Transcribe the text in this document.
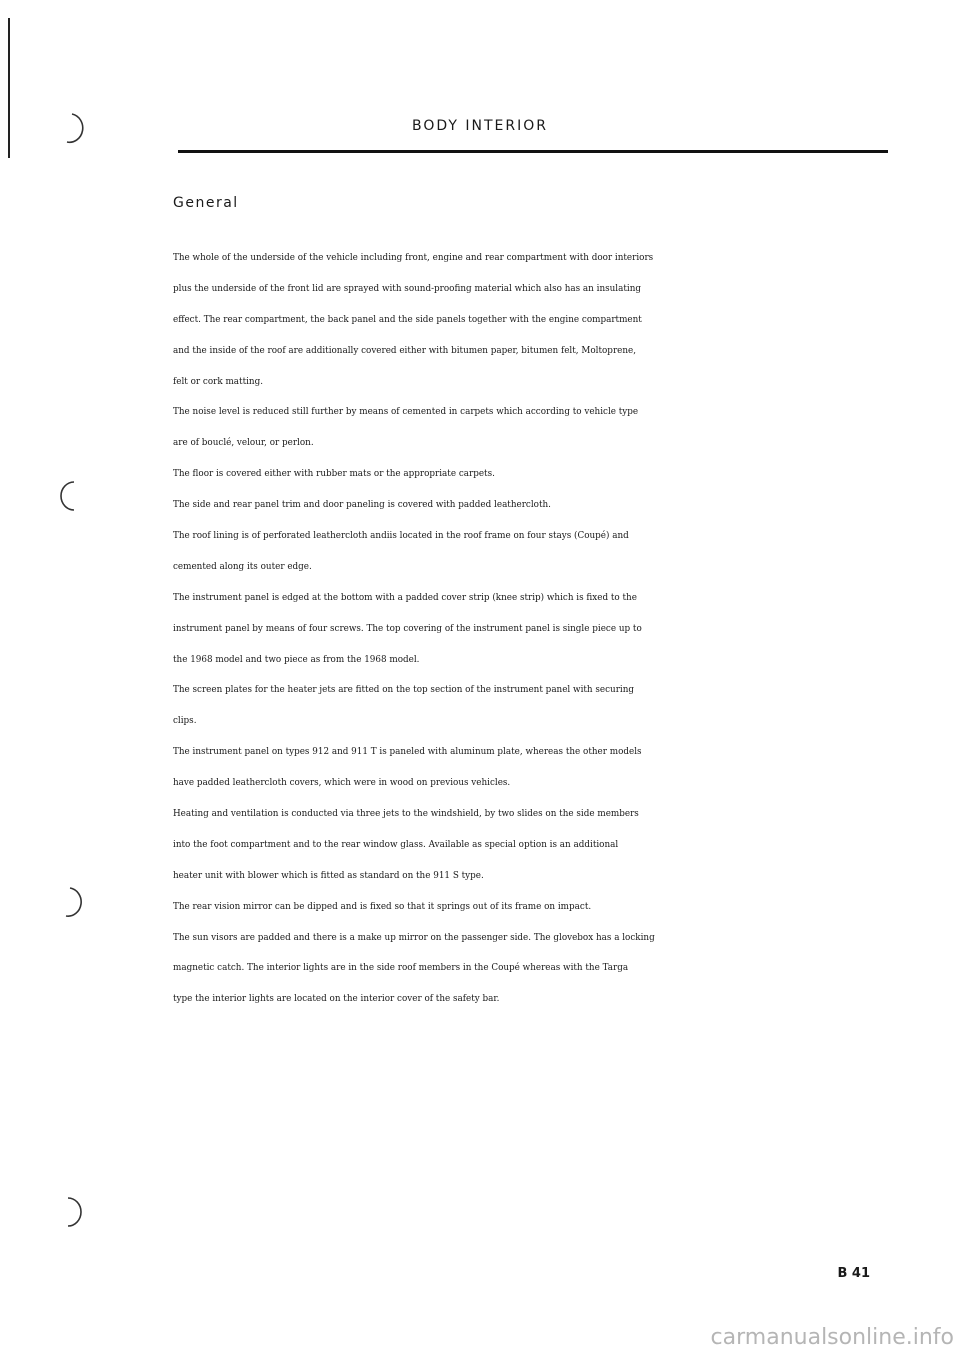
BODY INTERIOR
General
The whole of the underside of the vehicle including front, engine and rear compartment with door interiors
plus the underside of the front lid are sprayed with sound-proofing material which also has an insulating
effect. The rear compartment, the back panel and the side panels together with the engine compartment
and the inside of the roof are additionally covered either with bitumen paper, bitumen felt, Moltoprene,
felt or cork matting.
The noise level is reduced still further by means of cemented in carpets which according to vehicle type
are of bouclé, velour, or perlon.
The floor is covered either with rubber mats or the appropriate carpets.
The side and rear panel trim and door paneling is covered with padded leathercloth.
The roof lining is of perforated leathercloth andiis located in the roof frame on four stays (Coupé) and
cemented along its outer edge.
The instrument panel is edged at the bottom with a padded cover strip (knee strip) which is fixed to the
instrument panel by means of four screws. The top covering of the instrument panel is single piece up to
the 1968 model and two piece as from the 1968 model.
The screen plates for the heater jets are fitted on the top section of the instrument panel with securing
clips.
The instrument panel on types 912 and 911 T is paneled with aluminum plate, whereas the other models
have padded leathercloth covers, which were in wood on previous vehicles.
Heating and ventilation is conducted via three jets to the windshield, by two slides on the side members
into the foot compartment and to the rear window glass. Available as special option is an additional
heater unit with blower which is fitted as standard on the 911 S type.
The rear vision mirror can be dipped and is fixed so that it springs out of its frame on impact.
The sun visors are padded and there is a make up mirror on the passenger side. The glovebox has a locking
magnetic catch. The interior lights are in the side roof members in the Coupé whereas with the Targa
type the interior lights are located on the interior cover of the safety bar.
B 41
carmanualsonline.info
